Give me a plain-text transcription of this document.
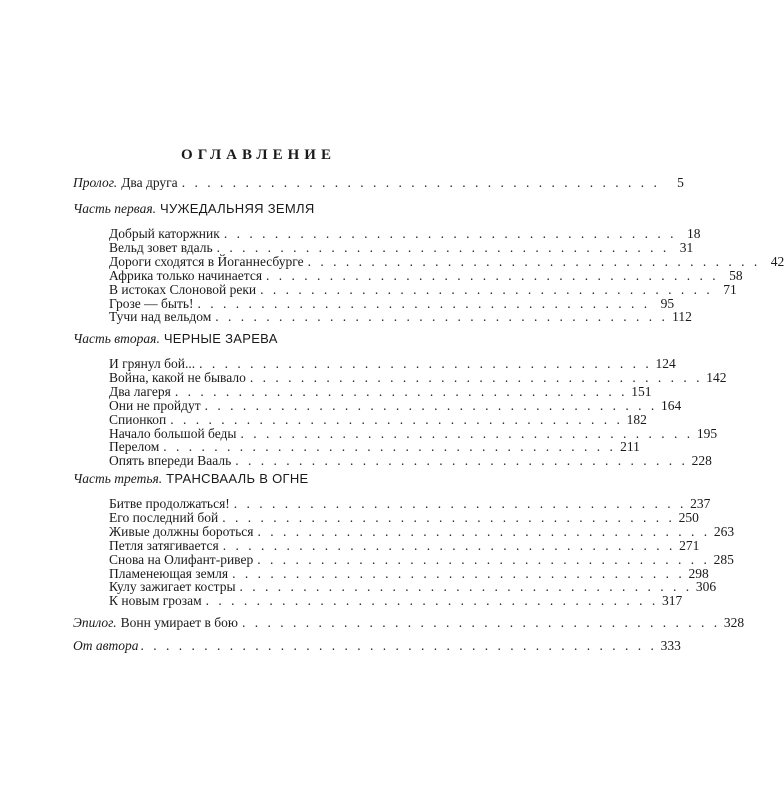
ОГЛАВЛЕНИЕ
Пролог. Два друга . . . . . . . . . . . . . . . . . . . . . . . . . . . . . . . . . . . . . .	5
Часть первая. ЧУЖЕДАЛЬНЯЯ ЗЕМЛЯ
Добрый каторжник . . . . . . . . . . . . . . . . . . . . . . . . . . . . . . . . . . . . 18
Вельд зовет вдаль . . . . . . . . . . . . . . . . . . . . . . . . . . . . . . . . . . . . 31
Дороги сходятся в Йоганнесбурге . . . . . . . . . . . . . . . . . . . . . . . . . . . . . . . . . . . . 42
Африка только начинается . . . . . . . . . . . . . . . . . . . . . . . . . . . . . . . . . . . . 58
В истоках Слоновой реки . . . . . . . . . . . . . . . . . . . . . . . . . . . . . . . . . . . . 71
Грозе — быть! . . . . . . . . . . . . . . . . . . . . . . . . . . . . . . . . . . . . 95
Тучи над вельдом . . . . . . . . . . . . . . . . . . . . . . . . . . . . . . . . . . . . 112
Часть вторая. ЧЕРНЫЕ ЗАРЕВА
И грянул бой... . . . . . . . . . . . . . . . . . . . . . . . . . . . . . . . . . . . . 124
Война, какой не бывало . . . . . . . . . . . . . . . . . . . . . . . . . . . . . . . . . . . . 142
Два лагеря . . . . . . . . . . . . . . . . . . . . . . . . . . . . . . . . . . . . 151
Они не пройдут . . . . . . . . . . . . . . . . . . . . . . . . . . . . . . . . . . . . 164
Спионкоп . . . . . . . . . . . . . . . . . . . . . . . . . . . . . . . . . . . . 182
Начало большой беды . . . . . . . . . . . . . . . . . . . . . . . . . . . . . . . . . . . . 195
Перелом . . . . . . . . . . . . . . . . . . . . . . . . . . . . . . . . . . . . 211
Опять впереди Вааль . . . . . . . . . . . . . . . . . . . . . . . . . . . . . . . . . . . . 228
Часть третья. ТРАНСВААЛЬ В ОГНЕ
Битве продолжаться! . . . . . . . . . . . . . . . . . . . . . . . . . . . . . . . . . . . . 237
Его последний бой . . . . . . . . . . . . . . . . . . . . . . . . . . . . . . . . . . . . 250
Живые должны бороться . . . . . . . . . . . . . . . . . . . . . . . . . . . . . . . . . . . . 263
Петля затягивается . . . . . . . . . . . . . . . . . . . . . . . . . . . . . . . . . . . . 271
Снова на Олифант-ривер . . . . . . . . . . . . . . . . . . . . . . . . . . . . . . . . . . . . 285
Пламенеющая земля . . . . . . . . . . . . . . . . . . . . . . . . . . . . . . . . . . . . 298
Кулу зажигает костры . . . . . . . . . . . . . . . . . . . . . . . . . . . . . . . . . . . . 306
К новым грозам . . . . . . . . . . . . . . . . . . . . . . . . . . . . . . . . . . . . 317
Эпилог. Вонн умирает в бою . . . . . . . . . . . . . . . . . . . . . . . . . . . . . . . . . . . . . . 328
От автора . . . . . . . . . . . . . . . . . . . . . . . . . . . . . . . . . . . . . . . . . 333
